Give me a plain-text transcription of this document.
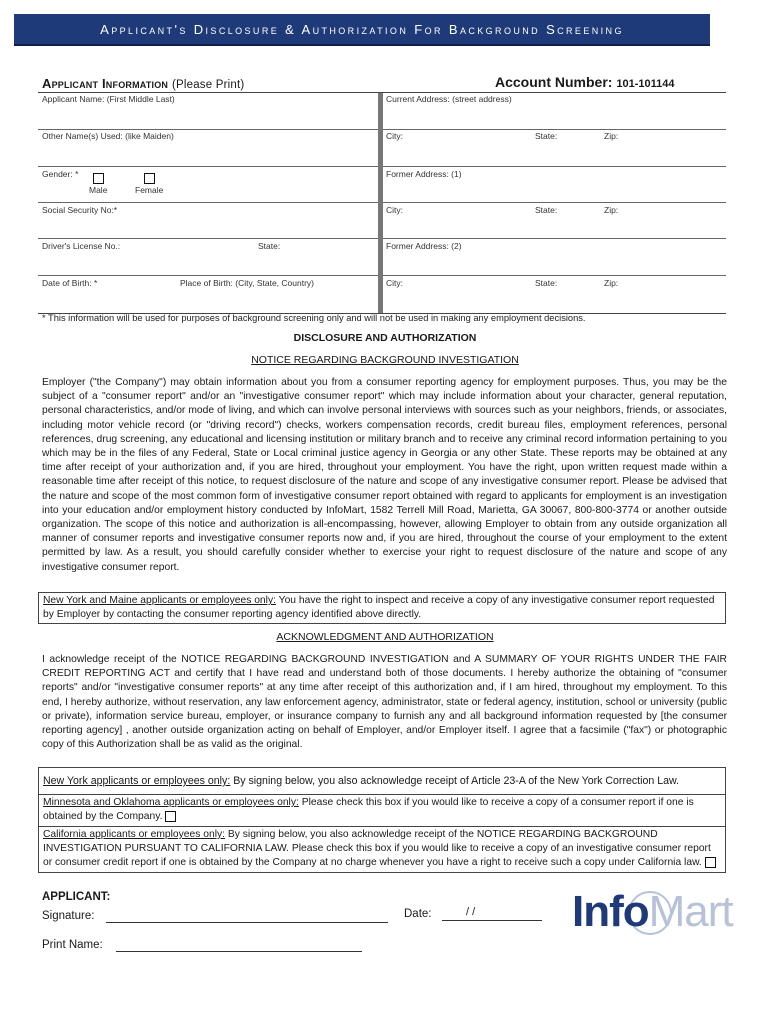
Applicant's Disclosure & Authorization For Background Screening
Applicant Information (Please Print)	Account Number: 101-101144
Applicant Name: (First Middle Last)
Other Name(s) Used: (like Maiden)
Gender: *
Male	Female
Social Security No:*
Driver's License No.:	State:
Date of Birth: *	Place of Birth: (City, State, Country)
Current Address: (street address)
City:	State:	Zip:
Former Address: (1)
City:	State:	Zip:
Former Address: (2)
City:	State:	Zip:
* This information will be used for purposes of background screening only and will not be used in making any employment decisions.
DISCLOSURE AND AUTHORIZATION
NOTICE REGARDING BACKGROUND INVESTIGATION
Employer ("the Company") may obtain information about you from a consumer reporting agency for employment purposes. Thus, you may be the subject of a "consumer report" and/or an "investigative consumer report" which may include information about your character, general reputation, personal characteristics, and/or mode of living, and which can involve personal interviews with sources such as your neighbors, friends, or associates, including motor vehicle record (or "driving record") checks, workers compensation records, credit bureau files, employment references, personal references, drug screening, any educational and licensing institution or military branch and to receive any criminal record information pertaining to you which may be in the files of any Federal, State or Local criminal justice agency in Georgia or any other State. These reports may be obtained at any time after receipt of your authorization and, if you are hired, throughout your employment. You have the right, upon written request made within a reasonable time after receipt of this notice, to request disclosure of the nature and scope of any investigative consumer report. Please be advised that the nature and scope of the most common form of investigative consumer report obtained with regard to applicants for employment is an investigation into your education and/or employment history conducted by InfoMart, 1582 Terrell Mill Road, Marietta, GA 30067, 800-800-3774 or another outside organization. The scope of this notice and authorization is all-encompassing, however, allowing Employer to obtain from any outside organization all manner of consumer reports and investigative consumer reports now and, if you are hired, throughout the course of your employment to the extent permitted by law. As a result, you should carefully consider whether to exercise your right to request disclosure of the nature and scope of any investigative consumer report.
New York and Maine applicants or employees only: You have the right to inspect and receive a copy of any investigative consumer report requested by Employer by contacting the consumer reporting agency identified above directly.
ACKNOWLEDGMENT AND AUTHORIZATION
I acknowledge receipt of the NOTICE REGARDING BACKGROUND INVESTIGATION and A SUMMARY OF YOUR RIGHTS UNDER THE FAIR CREDIT REPORTING ACT and certify that I have read and understand both of those documents. I hereby authorize the obtaining of "consumer reports" and/or "investigative consumer reports" at any time after receipt of this authorization and, if I am hired, throughout my employment. To this end, I hereby authorize, without reservation, any law enforcement agency, administrator, state or federal agency, institution, school or university (public or private), information service bureau, employer, or insurance company to furnish any and all background information requested by [the consumer reporting agency] , another outside organization acting on behalf of Employer, and/or Employer itself. I agree that a facsimile ("fax") or photographic copy of this Authorization shall be as valid as the original.
New York applicants or employees only: By signing below, you also acknowledge receipt of Article 23-A of the New York Correction Law.
Minnesota and Oklahoma applicants or employees only: Please check this box if you would like to receive a copy of a consumer report if one is obtained by the Company.
California applicants or employees only: By signing below, you also acknowledge receipt of the NOTICE REGARDING BACKGROUND INVESTIGATION PURSUANT TO CALIFORNIA LAW. Please check this box if you would like to receive a copy of an investigative consumer report or consumer credit report if one is obtained by the Company at no charge whenever you have a right to receive such a copy under California law.
APPLICANT:
Signature:	Date:	/ /
Print Name:
InfoMart
